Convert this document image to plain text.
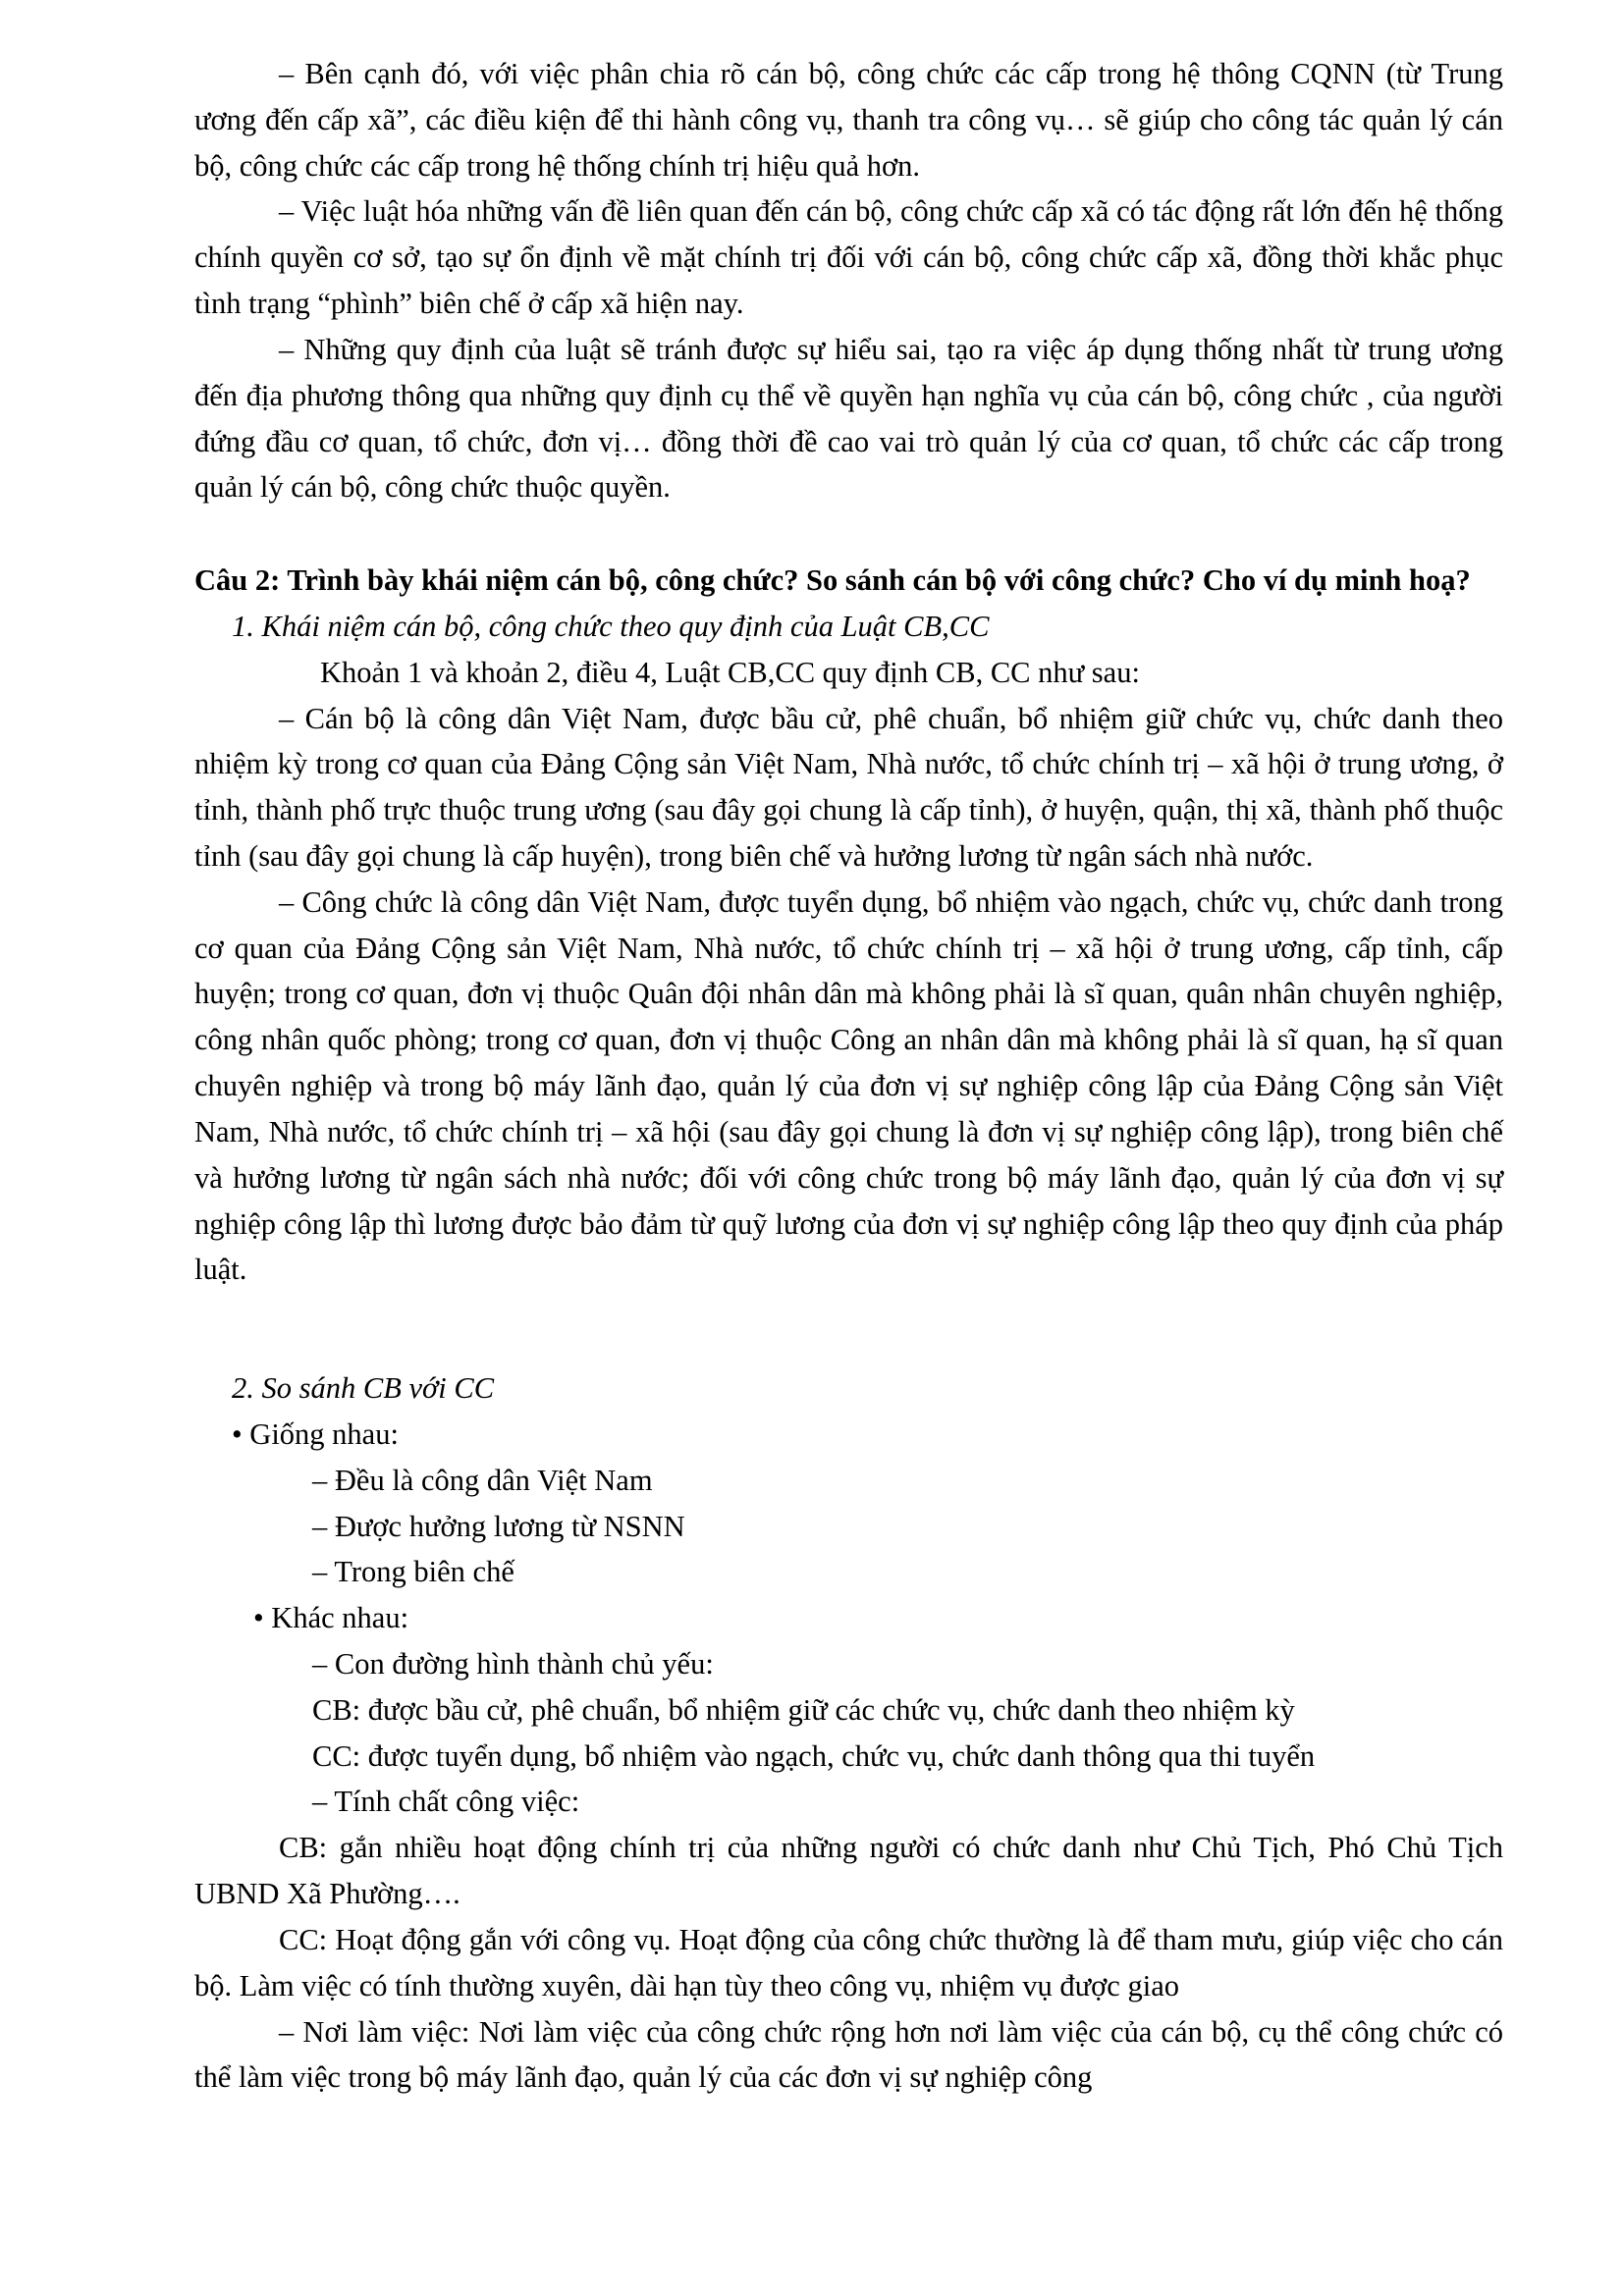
– Bên cạnh đó, với việc phân chia rõ cán bộ, công chức các cấp trong hệ thông CQNN (từ Trung ương đến cấp xã”, các điều kiện để thi hành công vụ, thanh tra công vụ… sẽ giúp cho công tác quản lý cán bộ, công chức các cấp trong hệ thống chính trị hiệu quả hơn.

– Việc luật hóa những vấn đề liên quan đến cán bộ, công chức cấp xã có tác động rất lớn đến hệ thống chính quyền cơ sở, tạo sự ổn định về mặt chính trị đối với cán bộ, công chức cấp xã, đồng thời khắc phục tình trạng “phình” biên chế ở cấp xã hiện nay.

– Những quy định của luật sẽ tránh được sự hiểu sai, tạo ra việc áp dụng thống nhất từ trung ương đến địa phương thông qua những quy định cụ thể về quyền hạn nghĩa vụ của cán bộ, công chức , của người đứng đầu cơ quan, tổ chức, đơn vị… đồng thời đề cao vai trò quản lý của cơ quan, tổ chức các cấp trong quản lý cán bộ, công chức thuộc quyền.

Câu 2: Trình bày khái niệm cán bộ, công chức? So sánh cán bộ với công chức? Cho ví dụ minh hoạ?

1. Khái niệm cán bộ, công chức theo quy định của Luật CB,CC

Khoản 1 và khoản 2, điều 4, Luật CB,CC quy định CB, CC như sau:

– Cán bộ là công dân Việt Nam, được bầu cử, phê chuẩn, bổ nhiệm giữ chức vụ, chức danh theo nhiệm kỳ trong cơ quan của Đảng Cộng sản Việt Nam, Nhà nước, tổ chức chính trị – xã hội ở trung ương, ở tỉnh, thành phố trực thuộc trung ương (sau đây gọi chung là cấp tỉnh), ở huyện, quận, thị xã, thành phố thuộc tỉnh (sau đây gọi chung là cấp huyện), trong biên chế và hưởng lương từ ngân sách nhà nước.

– Công chức là công dân Việt Nam, được tuyển dụng, bổ nhiệm vào ngạch, chức vụ, chức danh trong cơ quan của Đảng Cộng sản Việt Nam, Nhà nước, tổ chức chính trị – xã hội ở trung ương, cấp tỉnh, cấp huyện; trong cơ quan, đơn vị thuộc Quân đội nhân dân mà không phải là sĩ quan, quân nhân chuyên nghiệp, công nhân quốc phòng; trong cơ quan, đơn vị thuộc Công an nhân dân mà không phải là sĩ quan, hạ sĩ quan chuyên nghiệp và trong bộ máy lãnh đạo, quản lý của đơn vị sự nghiệp công lập của Đảng Cộng sản Việt Nam, Nhà nước, tổ chức chính trị – xã hội (sau đây gọi chung là đơn vị sự nghiệp công lập), trong biên chế và hưởng lương từ ngân sách nhà nước; đối với công chức trong bộ máy lãnh đạo, quản lý của đơn vị sự nghiệp công lập thì lương được bảo đảm từ quỹ lương của đơn vị sự nghiệp công lập theo quy định của pháp luật.

2. So sánh CB với CC

• Giống nhau:

– Đều là công dân Việt Nam

– Được hưởng lương từ NSNN

– Trong biên chế

• Khác nhau:

– Con đường hình thành chủ yếu:

CB: được bầu cử, phê chuẩn, bổ nhiệm giữ các chức vụ, chức danh theo nhiệm kỳ

CC: được tuyển dụng, bổ nhiệm vào ngạch, chức vụ, chức danh thông qua thi tuyển

– Tính chất công việc:

CB: gắn nhiều hoạt động chính trị của những người có chức danh như Chủ Tịch, Phó Chủ Tịch UBND Xã Phường….

CC: Hoạt động gắn với công vụ. Hoạt động của công chức thường là để tham mưu, giúp việc cho cán bộ. Làm việc có tính thường xuyên, dài hạn tùy theo công vụ, nhiệm vụ được giao

– Nơi làm việc: Nơi làm việc của công chức rộng hơn nơi làm việc của cán bộ, cụ thể công chức có thể làm việc trong bộ máy lãnh đạo, quản lý của các đơn vị sự nghiệp công
